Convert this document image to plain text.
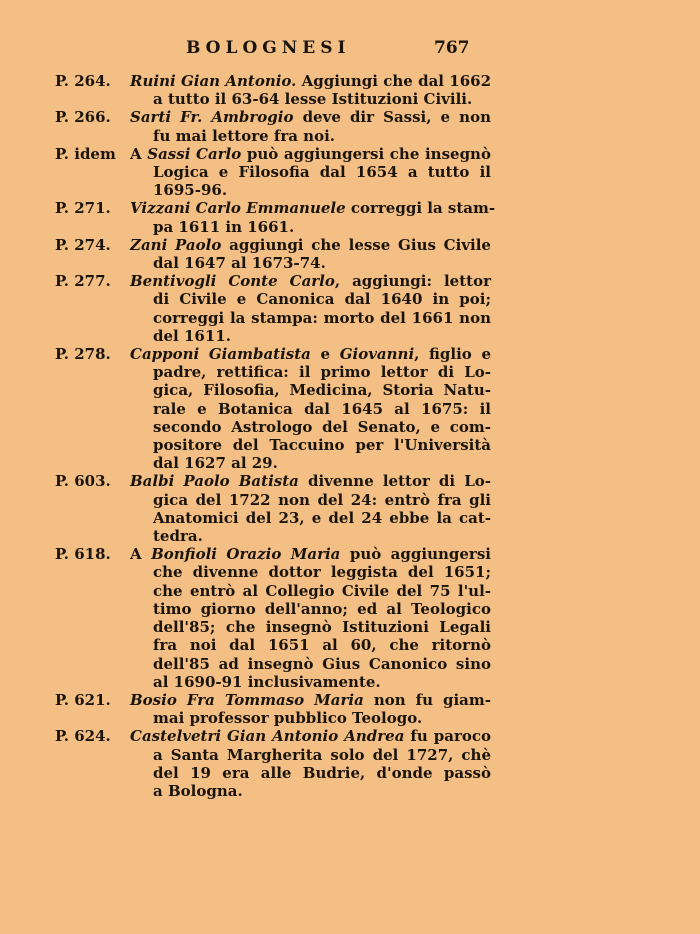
BOLOGNESI	767
P. 264.	Ruini Gian Antonio. Aggiungi che dal 1662
a tutto il 63-64 lesse Istituzioni Civili.
P. 266.	Sarti Fr. Ambrogio deve dir Sassi, e non
fu mai lettore fra noi.
P. idem A Sassi Carlo può aggiungersi che insegnò
Logica e Filosofia dal 1654 a tutto il
1695-96.
P. 271.	Vizzani Carlo Emmanuele correggi la stam-
pa 1611 in 1661.
P. 274.	Zani Paolo aggiungi che lesse Gius Civile
dal 1647 al 1673-74.
P. 277.	Bentivogli Conte Carlo, aggiungi: lettor
di Civile e Canonica dal 1640 in poi;
correggi la stampa: morto del 1661 non
del 1611.
P. 278.	Capponi Giambatista e Giovanni, figlio e
padre, rettifica: il primo lettor di Lo-
gica, Filosofia, Medicina, Storia Natu-
rale e Botanica dal 1645 al 1675: il
secondo Astrologo del Senato, e com-
positore del Taccuino per l'Università
dal 1627 al 29.
P. 603.	Balbi Paolo Batista divenne lettor di Lo-
gica del 1722 non del 24: entrò fra gli
Anatomici del 23, e del 24 ebbe la cat-
tedra.
P. 618.	A Bonfioli Orazio Maria può aggiungersi
che divenne dottor leggista del 1651;
che entrò al Collegio Civile del 75 l'ul-
timo giorno dell'anno; ed al Teologico
dell'85; che insegnò Istituzioni Legali
fra noi dal 1651 al 60, che ritornò
dell'85 ad insegnò Gius Canonico sino
al 1690-91 inclusivamente.
P. 621.	Bosio Fra Tommaso Maria non fu giam-
mai professor pubblico Teologo.
P. 624.	Castelvetri Gian Antonio Andrea fu paroco
a Santa Margherita solo del 1727, chè
del 19 era alle Budrie, d'onde passò
a Bologna.
